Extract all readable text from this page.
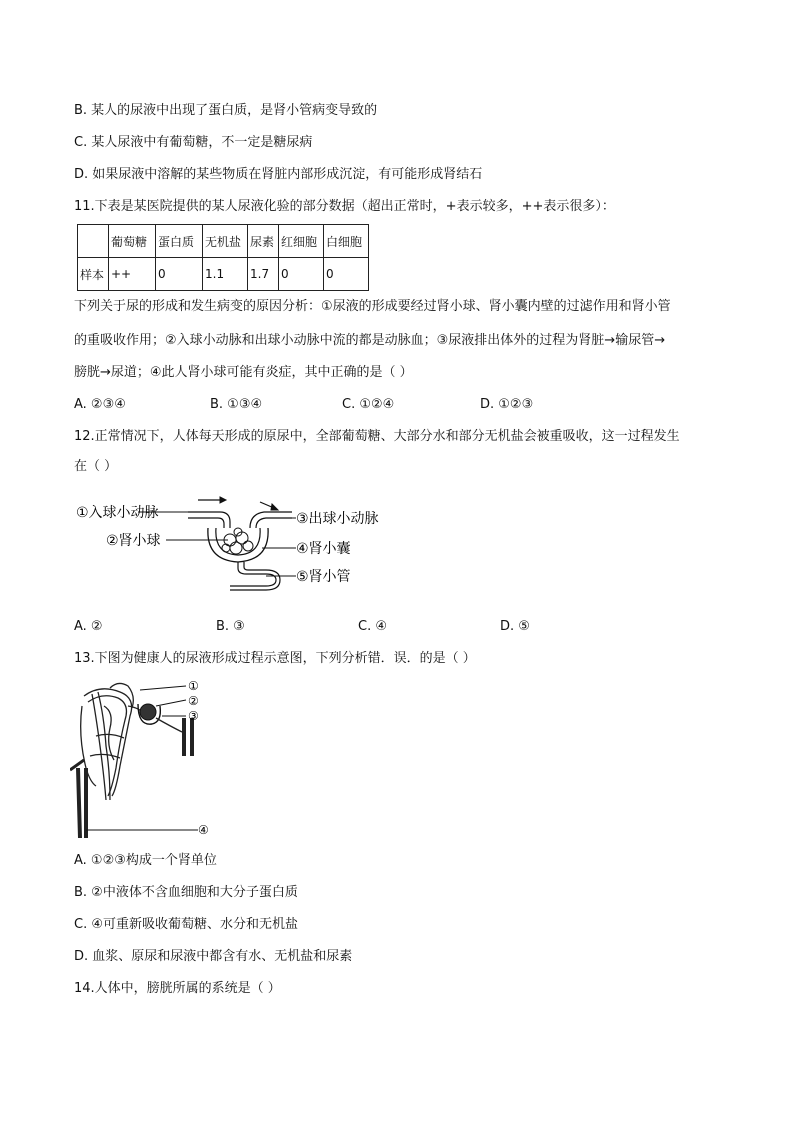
B. 某人的尿液中出现了蛋白质，是肾小管病变导致的
C. 某人尿液中有葡萄糖，不一定是糖尿病
D. 如果尿液中溶解的某些物质在肾脏内部形成沉淀，有可能形成肾结石
11.下表是某医院提供的某人尿液化验的部分数据（超出正常时，+表示较多，++表示很多）：
	葡萄糖	蛋白质	无机盐	尿素	红细胞	白细胞
样本	++	0	1.1	1.7	0	0
下列关于尿的形成和发生病变的原因分析：①尿液的形成要经过肾小球、肾小囊内壁的过滤作用和肾小管
的重吸收作用；②入球小动脉和出球小动脉中流的都是动脉血；③尿液排出体外的过程为肾脏→输尿管→
膀胱→尿道；④此人肾小球可能有炎症，其中正确的是（ ）
A. ②③④	B. ①③④	C. ①②④	D. ①②③
12.正常情况下，人体每天形成的原尿中，全部葡萄糖、大部分水和部分无机盐会被重吸收，这一过程发生
在（ ）
①入球小动脉
②肾小球
③出球小动脉
④肾小囊
⑤肾小管
A. ②	B. ③	C. ④	D. ⑤
13.下图为健康人的尿液形成过程示意图，下列分析错．误．的是（ ）
①
②
③
④
A. ①②③构成一个肾单位
B. ②中液体不含血细胞和大分子蛋白质
C. ④可重新吸收葡萄糖、水分和无机盐
D. 血浆、原尿和尿液中都含有水、无机盐和尿素
14.人体中，膀胱所属的系统是（ ）
